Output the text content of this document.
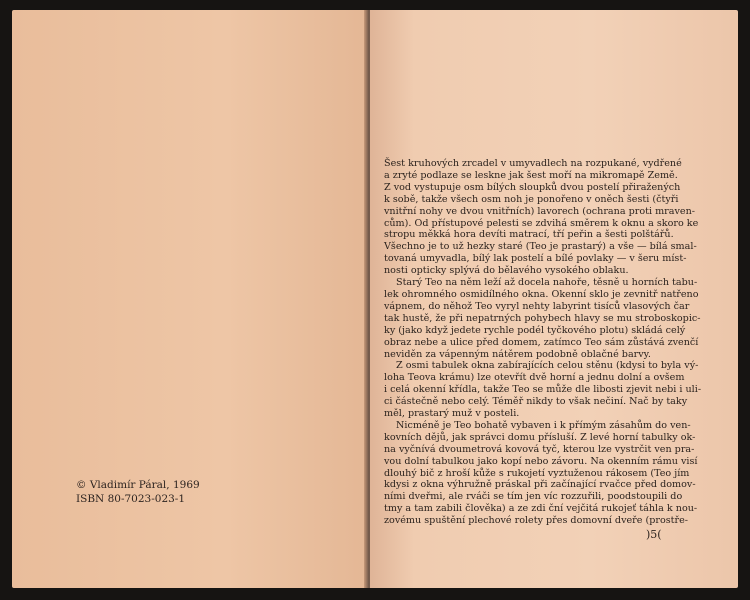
© Vladimír Páral, 1969
ISBN 80-7023-023-1
Šest kruhových zrcadel v umyvadlech na rozpukané, vydřené
a zryté podlaze se leskne jak šest moří na mikromapě Země.
Z vod vystupuje osm bílých sloupků dvou postelí přiražených
k sobě, takže všech osm noh je ponořeno v oněch šesti (čtyři
vnitřní nohy ve dvou vnitřních) lavorech (ochrana proti mraven-
cům). Od přístupové pelesti se zdvihá směrem k oknu a skoro ke
stropu měkká hora devíti matrací, tří peřin a šesti polštářů.
Všechno je to už hezky staré (Teo je prastarý) a vše — bílá smal-
tovaná umyvadla, bílý lak postelí a bílé povlaky — v šeru míst-
nosti opticky splývá do bělavého vysokého oblaku.
Starý Teo na něm leží až docela nahoře, těsně u horních tabu-
lek ohromného osmidílného okna. Okenní sklo je zevnitř natřeno
vápnem, do něhož Teo vyryl nehty labyrint tisíců vlasových čar
tak hustě, že při nepatrných pohybech hlavy se mu stroboskopic-
ky (jako když jedete rychle podél tyčkového plotu) skládá celý
obraz nebe a ulice před domem, zatímco Teo sám zůstává zvenčí
neviděn za vápenným nátěrem podobně oblačné barvy.
Z osmi tabulek okna zabírajících celou stěnu (kdysi to byla vý-
loha Teova krámu) lze otevřít dvě horní a jednu dolní a ovšem
i celá okenní křídla, takže Teo se může dle libosti zjevit nebi i uli-
ci částečně nebo celý. Téměř nikdy to však nečiní. Nač by taky
měl, prastarý muž v posteli.
Nicméně je Teo bohatě vybaven i k přímým zásahům do ven-
kovních dějů, jak správci domu přísluší. Z levé horní tabulky ok-
na vyčnívá dvoumetrová kovová tyč, kterou lze vystrčit ven pra-
vou dolní tabulkou jako kopí nebo závoru. Na okenním rámu visí
dlouhý bič z hroší kůže s rukojetí vyztuženou rákosem (Teo jím
kdysi z okna výhružně práskal při začínající rvačce před domov-
ními dveřmi, ale rváči se tím jen víc rozzuřili, poodstoupili do
tmy a tam zabili člověka) a ze zdi ční vejčitá rukojeť táhla k nou-
zovému spuštění plechové rolety přes domovní dveře (prostře-
)5(
